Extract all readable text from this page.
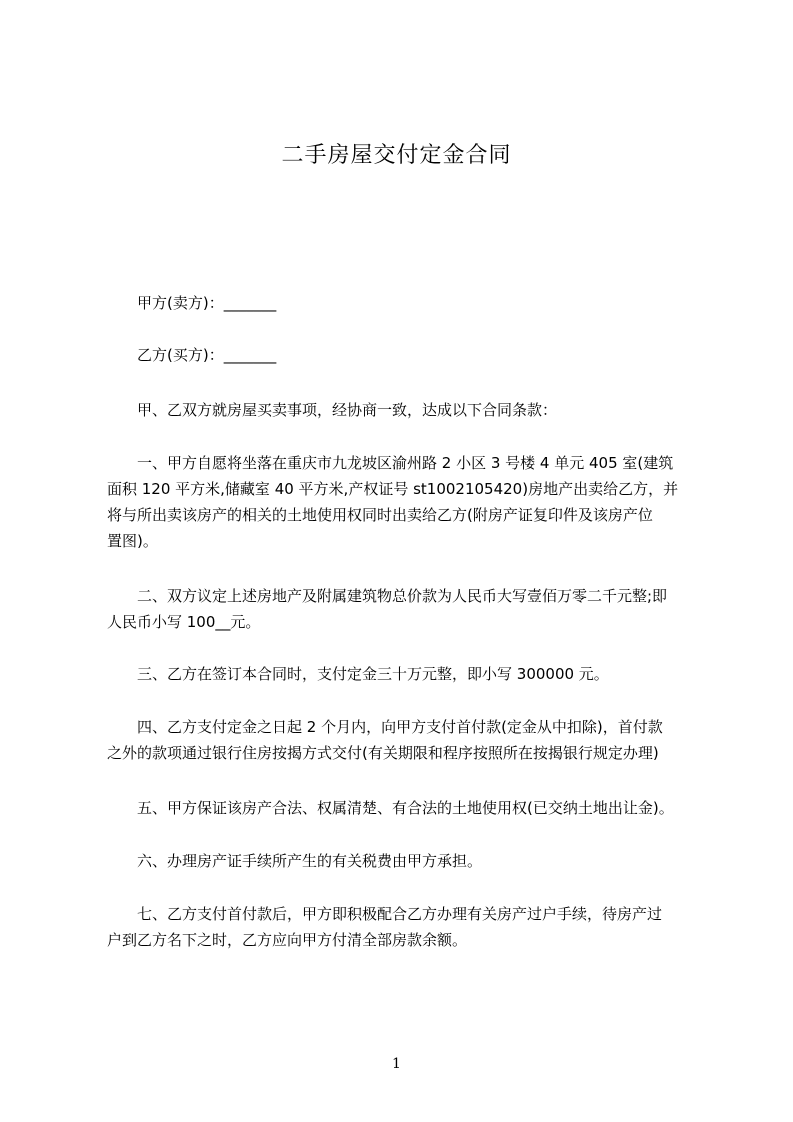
二手房屋交付定金合同
甲方(卖方)：_______
乙方(买方)：_______
甲、乙双方就房屋买卖事项，经协商一致，达成以下合同条款：
一、甲方自愿将坐落在重庆市九龙坡区渝州路 2 小区 3 号楼 4 单元 405 室(建筑
面积 120 平方米,储藏室 40 平方米,产权证号 st1002105420)房地产出卖给乙方，并
将与所出卖该房产的相关的土地使用权同时出卖给乙方(附房产证复印件及该房产位
置图)。
二、双方议定上述房地产及附属建筑物总价款为人民币大写壹佰万零二千元整;即
人民币小写 100__元。
三、乙方在签订本合同时，支付定金三十万元整，即小写 300000 元。
四、乙方支付定金之日起 2 个月内，向甲方支付首付款(定金从中扣除)，首付款
之外的款项通过银行住房按揭方式交付(有关期限和程序按照所在按揭银行规定办理)
五、甲方保证该房产合法、权属清楚、有合法的土地使用权(已交纳土地出让金)。
六、办理房产证手续所产生的有关税费由甲方承担。
七、乙方支付首付款后，甲方即积极配合乙方办理有关房产过户手续，待房产过
户到乙方名下之时，乙方应向甲方付清全部房款余额。
1
